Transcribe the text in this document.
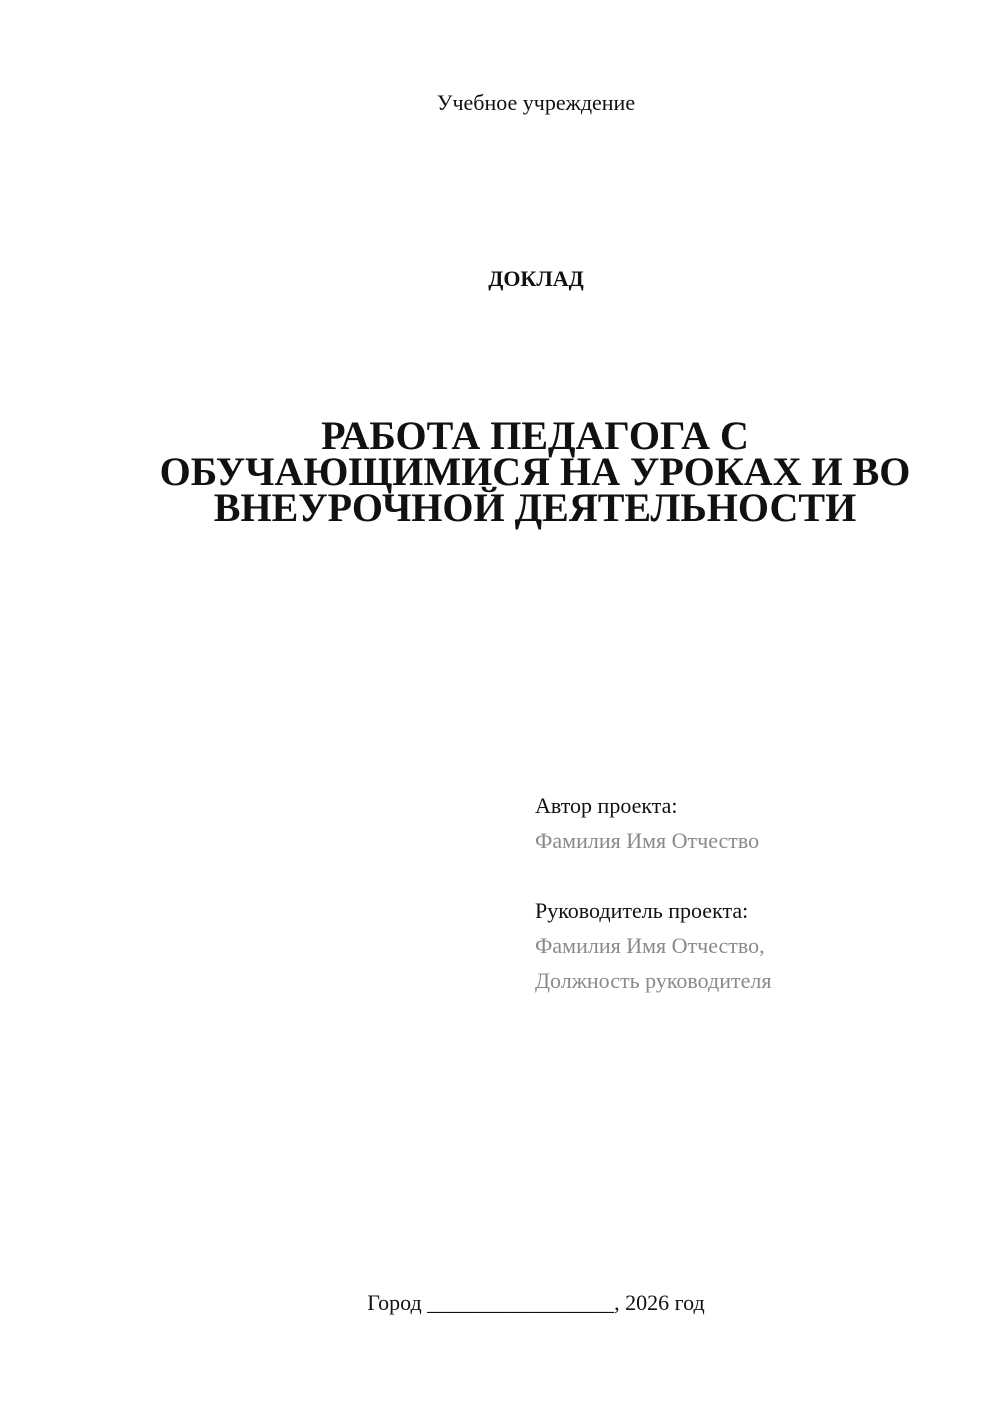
Учебное учреждение
ДОКЛАД
РАБОТА ПЕДАГОГА С
ОБУЧАЮЩИМИСЯ НА УРОКАХ И ВО
ВНЕУРОЧНОЙ ДЕЯТЕЛЬНОСТИ
Автор проекта:
Фамилия Имя Отчество
Руководитель проекта:
Фамилия Имя Отчество,
Должность руководителя
Город _________________, 2026 год
